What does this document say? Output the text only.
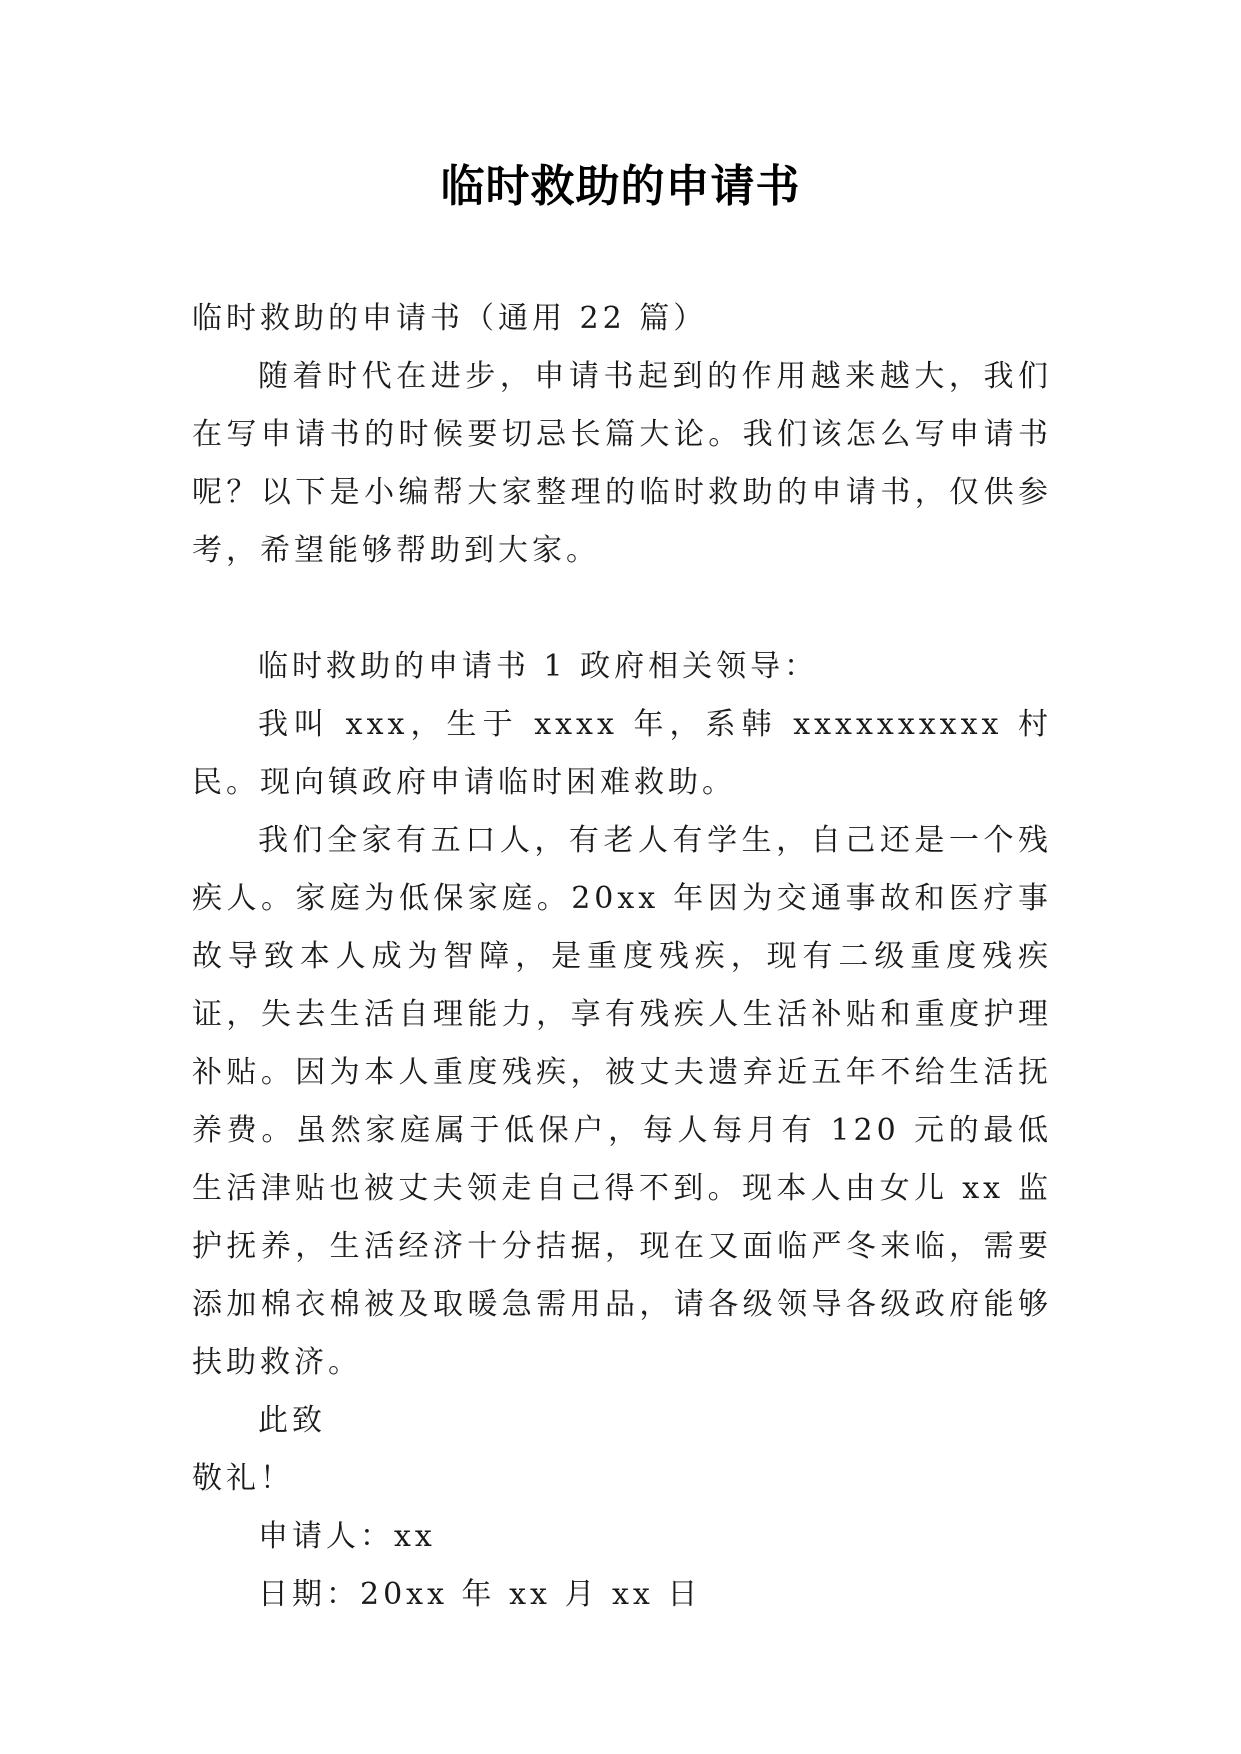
临时救助的申请书

临时救助的申请书（通用 22 篇）

随着时代在进步，申请书起到的作用越来越大，我们在写申请书的时候要切忌长篇大论。我们该怎么写申请书呢？以下是小编帮大家整理的临时救助的申请书，仅供参考，希望能够帮助到大家。

临时救助的申请书 1 政府相关领导：

我叫 xxx，生于 xxxx 年，系韩 xxxxxxxxxx 村民。现向镇政府申请临时困难救助。

我们全家有五口人，有老人有学生，自己还是一个残疾人。家庭为低保家庭。20xx 年因为交通事故和医疗事故导致本人成为智障，是重度残疾，现有二级重度残疾证，失去生活自理能力，享有残疾人生活补贴和重度护理补贴。因为本人重度残疾，被丈夫遗弃近五年不给生活抚养费。虽然家庭属于低保户，每人每月有 120 元的最低生活津贴也被丈夫领走自己得不到。现本人由女儿 xx 监护抚养，生活经济十分拮据，现在又面临严冬来临，需要添加棉衣棉被及取暖急需用品，请各级领导各级政府能够扶助救济。

此致

敬礼！

申请人：xx

日期：20xx 年 xx 月 xx 日
